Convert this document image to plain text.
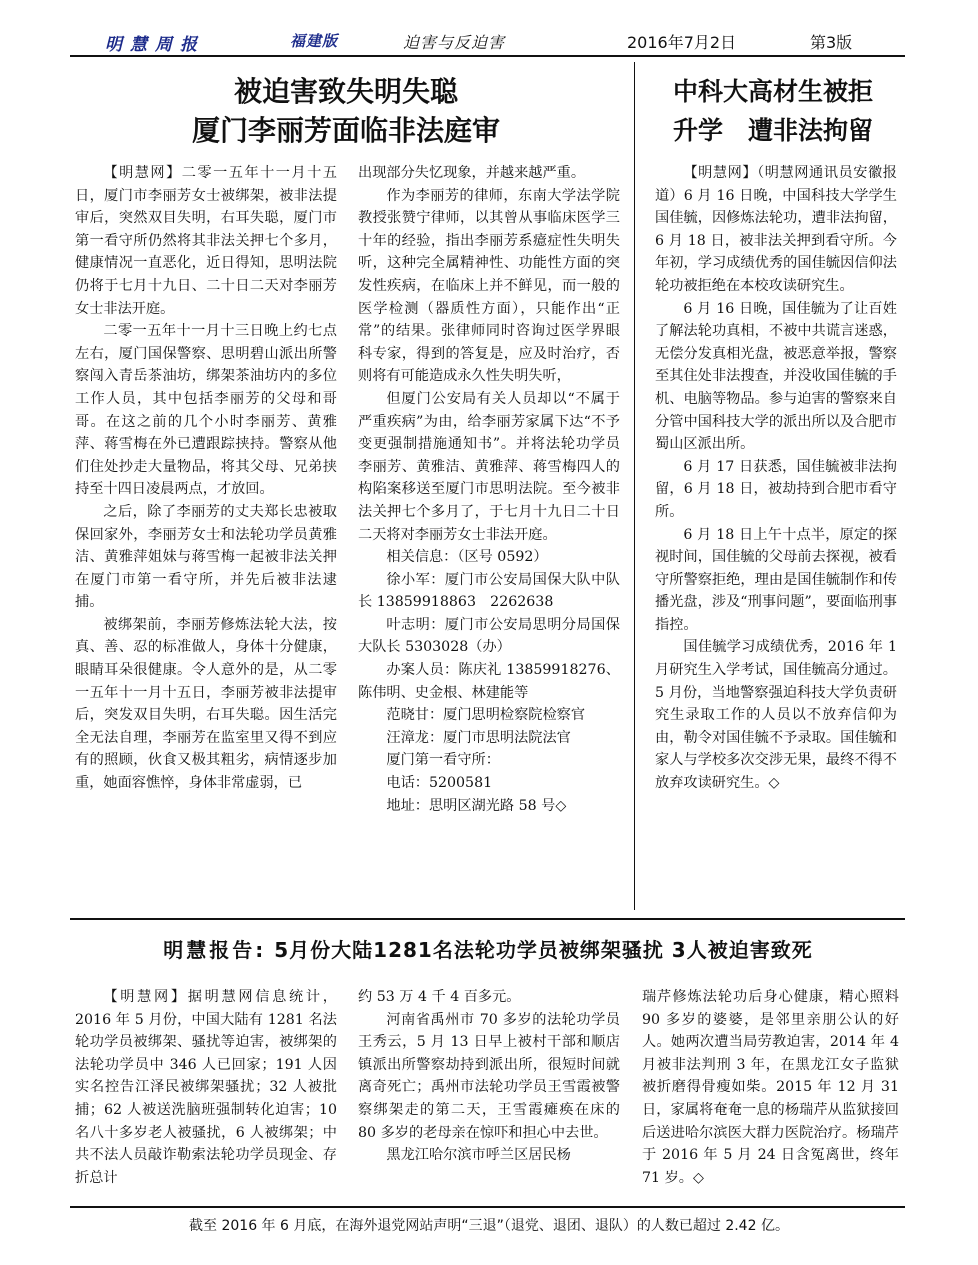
明慧周报	福建版	迫害与反迫害	2016年7月2日	第3版
被迫害致失明失聪
厦门李丽芳面临非法庭审

【明慧网】二零一五年十一月十五日，厦门市李丽芳女士被绑架，被非法提审后，突然双目失明，右耳失聪，厦门市第一看守所仍然将其非法关押七个多月，健康情况一直恶化，近日得知，思明法院仍将于七月十九日、二十日二天对李丽芳女士非法开庭。

二零一五年十一月十三日晚上约七点左右，厦门国保警察、思明碧山派出所警察闯入青岳茶油坊，绑架茶油坊内的多位工作人员，其中包括李丽芳的父母和哥哥。在这之前的几个小时李丽芳、黄雅萍、蒋雪梅在外已遭跟踪挟持。警察从他们住处抄走大量物品，将其父母、兄弟挟持至十四日凌晨两点，才放回。

之后，除了李丽芳的丈夫郑长忠被取保回家外，李丽芳女士和法轮功学员黄雅洁、黄雅萍姐妹与蒋雪梅一起被非法关押在厦门市第一看守所，并先后被非法逮捕。

被绑架前，李丽芳修炼法轮大法，按真、善、忍的标准做人，身体十分健康，眼睛耳朵很健康。令人意外的是，从二零一五年十一月十五日，李丽芳被非法提审后，突发双目失明，右耳失聪。因生活完全无法自理，李丽芳在监室里又得不到应有的照顾，伙食又极其粗劣，病情逐步加重，她面容憔悴，身体非常虚弱，已

出现部分失忆现象，并越来越严重。

作为李丽芳的律师，东南大学法学院教授张赞宁律师，以其曾从事临床医学三十年的经验，指出李丽芳系癔症性失明失听，这种完全属精神性、功能性方面的突发性疾病，在临床上并不鲜见，而一般的医学检测（器质性方面），只能作出“正常”的结果。张律师同时咨询过医学界眼科专家，得到的答复是，应及时治疗，否则将有可能造成永久性失明失听，

但厦门公安局有关人员却以“不属于严重疾病”为由，给李丽芳家属下达“不予变更强制措施通知书”。并将法轮功学员李丽芳、黄雅洁、黄雅萍、蒋雪梅四人的构陷案移送至厦门市思明法院。至今被非法关押七个多月了，于七月十九日二十日二天将对李丽芳女士非法开庭。

相关信息：（区号 0592）

徐小军：厦门市公安局国保大队中队长 13859918863　2262638

叶志明：厦门市公安局思明分局国保大队长 5303028（办）

办案人员：陈庆礼 13859918276、陈伟明、史金根、林建能等

范晓甘：厦门思明检察院检察官

汪漳龙：厦门市思明法院法官

厦门第一看守所：

电话：5200581

地址：思明区湖光路 58 号◇

中科大高材生被拒
升学　遭非法拘留

【明慧网】（明慧网通讯员安徽报道）6 月 16 日晚，中国科技大学学生国佳毓，因修炼法轮功，遭非法拘留，6 月 18 日，被非法关押到看守所。今年初，学习成绩优秀的国佳毓因信仰法轮功被拒绝在本校攻读研究生。

6 月 16 日晚，国佳毓为了让百姓了解法轮功真相，不被中共谎言迷惑，无偿分发真相光盘，被恶意举报，警察至其住处非法搜查，并没收国佳毓的手机、电脑等物品。参与迫害的警察来自分管中国科技大学的派出所以及合肥市蜀山区派出所。

6 月 17 日获悉，国佳毓被非法拘留，6 月 18 日，被劫持到合肥市看守所。

6 月 18 日上午十点半，原定的探视时间，国佳毓的父母前去探视，被看守所警察拒绝，理由是国佳毓制作和传播光盘，涉及“刑事问题”，要面临刑事指控。

国佳毓学习成绩优秀，2016 年 1 月研究生入学考试，国佳毓高分通过。5 月份，当地警察强迫科技大学负责研究生录取工作的人员以不放弃信仰为由，勒令对国佳毓不予录取。国佳毓和家人与学校多次交涉无果，最终不得不放弃攻读研究生。◇

明慧报告: 5月份大陆1281名法轮功学员被绑架骚扰 3人被迫害致死

【明慧网】据明慧网信息统计，2016 年 5 月份，中国大陆有 1281 名法轮功学员被绑架、骚扰等迫害，被绑架的法轮功学员中 346 人已回家；191 人因实名控告江泽民被绑架骚扰；32 人被批捕；62 人被送洗脑班强制转化迫害；10 名八十多岁老人被骚扰，6 人被绑架；中共不法人员敲诈勒索法轮功学员现金、存折总计

约 53 万 4 千 4 百多元。

河南省禹州市 70 多岁的法轮功学员王秀云，5 月 13 日早上被村干部和顺店镇派出所警察劫持到派出所，很短时间就离奇死亡；禹州市法轮功学员王雪霞被警察绑架走的第二天，王雪霞瘫痪在床的 80 多岁的老母亲在惊吓和担心中去世。

黑龙江哈尔滨市呼兰区居民杨

瑞芹修炼法轮功后身心健康，精心照料 90 多岁的婆婆，是邻里亲朋公认的好人。她两次遭当局劳教迫害，2014 年 4 月被非法判刑 3 年，在黑龙江女子监狱被折磨得骨瘦如柴。2015 年 12 月 31 日，家属将奄奄一息的杨瑞芹从监狱接回后送进哈尔滨医大群力医院治疗。杨瑞芹于 2016 年 5 月 24 日含冤离世，终年 71 岁。◇

截至 2016 年 6 月底，在海外退党网站声明“三退”（退党、退团、退队）的人数已超过 2.42 亿。
